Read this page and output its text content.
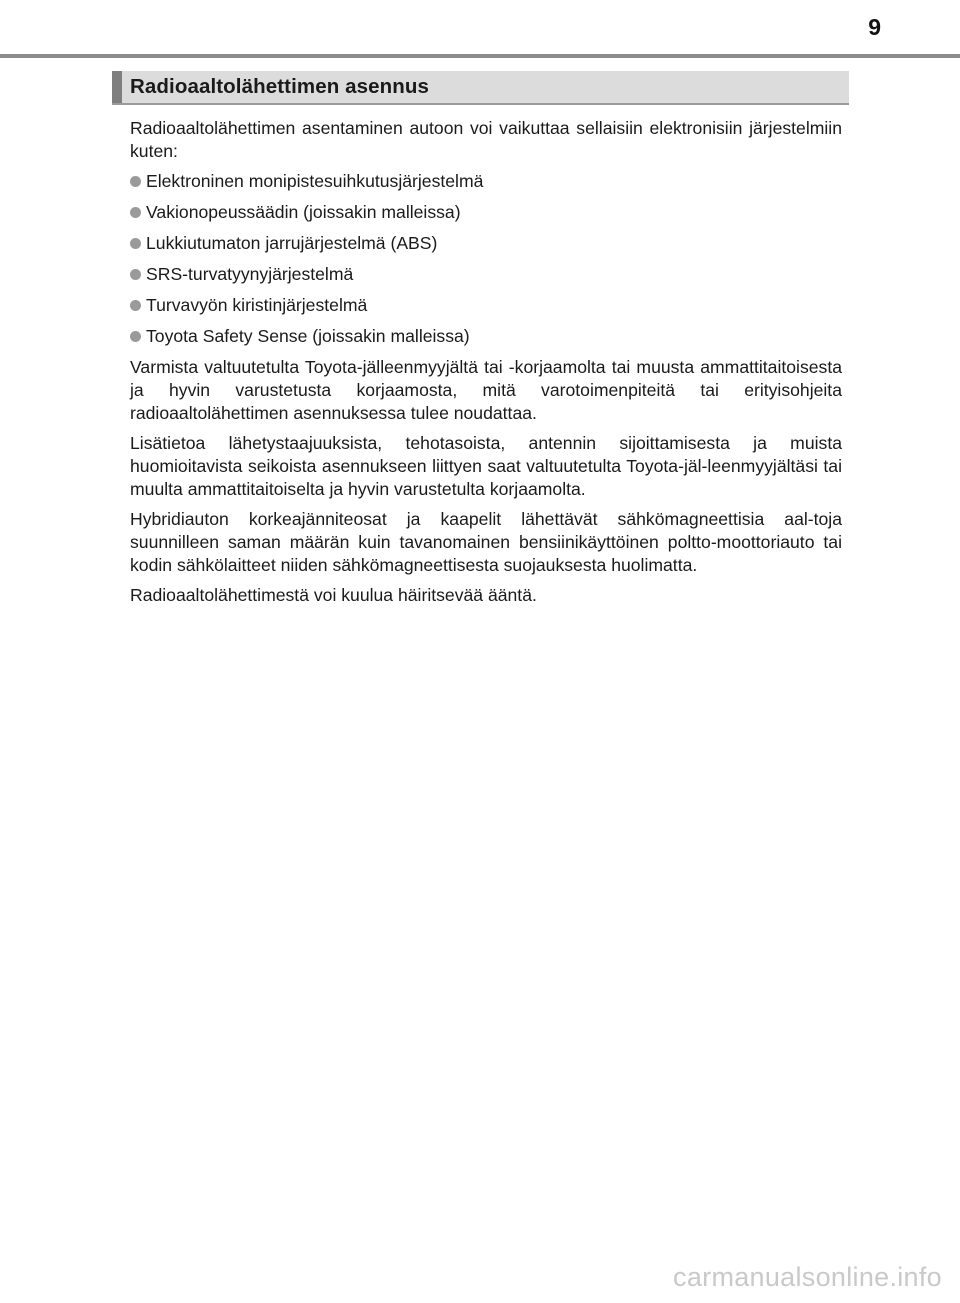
9
Radioaaltolähettimen asennus

Radioaaltolähettimen asentaminen autoon voi vaikuttaa sellaisiin elektronisiin järjestelmiin kuten:

Elektroninen monipistesuihkutusjärjestelmä
Vakionopeussäädin (joissakin malleissa)
Lukkiutumaton jarrujärjestelmä (ABS)
SRS-turvatyynyjärjestelmä
Turvavyön kiristinjärjestelmä
Toyota Safety Sense (joissakin malleissa)

Varmista valtuutetulta Toyota-jälleenmyyjältä tai -korjaamolta tai muusta ammattitaitoisesta ja hyvin varustetusta korjaamosta, mitä varotoimenpiteitä tai erityisohjeita radioaaltolähettimen asennuksessa tulee noudattaa.

Lisätietoa lähetystaajuuksista, tehotasoista, antennin sijoittamisesta ja muista huomioitavista seikoista asennukseen liittyen saat valtuutetulta Toyota-jäl-leenmyyjältäsi tai muulta ammattitaitoiselta ja hyvin varustetulta korjaamolta.

Hybridiauton korkeajänniteosat ja kaapelit lähettävät sähkömagneettisia aal-toja suunnilleen saman määrän kuin tavanomainen bensiinikäyttöinen poltto-moottoriauto tai kodin sähkölaitteet niiden sähkömagneettisesta suojauksesta huolimatta.

Radioaaltolähettimestä voi kuulua häiritsevää ääntä.

carmanualsonline.info
